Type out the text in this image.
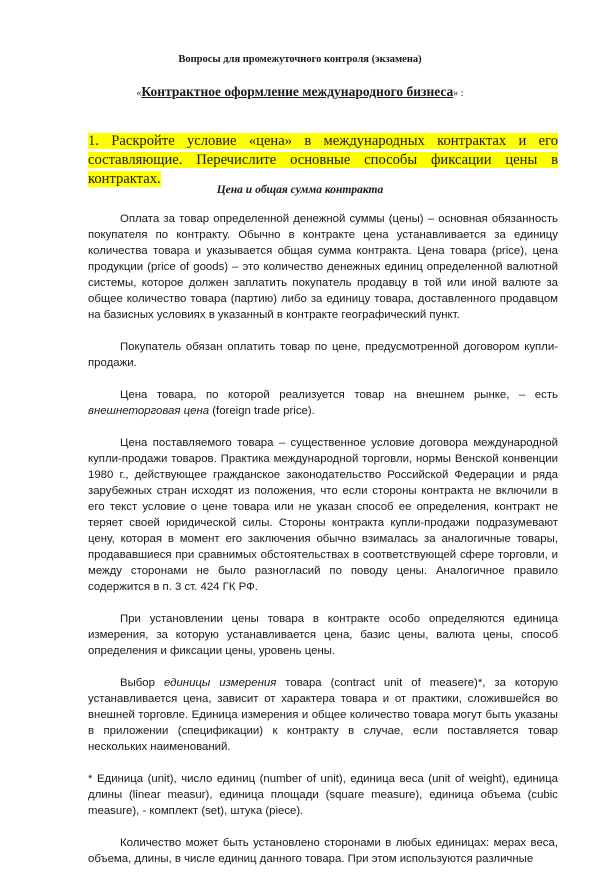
Вопросы для промежуточного контроля (экзамена)
«Контрактное оформление международного бизнеса» :
1. Раскройте условие «цена» в международных контрактах и его составляющие. Перечислите основные способы фиксации цены в контрактах.
Цена и общая сумма контракта

Оплата за товар определенной денежной суммы (цены) – основная обязанность покупателя по контракту. Обычно в контракте цена устанавливается за единицу количества товара и указывается общая сумма контракта. Цена товара (price), цена продукции (price of goods) – это количество денежных единиц определенной валютной системы, которое должен заплатить покупатель продавцу в той или иной валюте за общее количество товара (партию) либо за единицу товара, доставленного продавцом на базисных условиях в указанный в контракте географический пункт.

Покупатель обязан оплатить товар по цене, предусмотренной договором купли-продажи.

Цена товара, по которой реализуется товар на внешнем рынке, – есть внешнеторговая цена (foreign trade price).

Цена поставляемого товара – существенное условие договора международной купли-продажи товаров. Практика международной торговли, нормы Венской конвенции 1980 г., действующее гражданское законодательство Российской Федерации и ряда зарубежных стран исходят из положения, что если стороны контракта не включили в его текст условие о цене товара или не указан способ ее определения, контракт не теряет своей юридической силы. Стороны контракта купли-продажи подразумевают цену, которая в момент его заключения обычно взималась за аналогичные товары, продававшиеся при сравнимых обстоятельствах в соответствующей сфере торговли, и между сторонами не было разногласий по поводу цены. Аналогичное правило содержится в п. 3 ст. 424 ГК РФ.

При установлении цены товара в контракте особо определяются единица измерения, за которую устанавливается цена, базис цены, валюта цены, способ определения и фиксации цены, уровень цены.

Выбор единицы измерения товара (contract unit of measere)*, за которую устанавливается цена, зависит от характера товара и от практики, сложившейся во внешней торговле. Единица измерения и общее количество товара могут быть указаны в приложении (спецификации) к контракту в случае, если поставляется товар нескольких наименований.

* Единица (unit), число единиц (number of unit), единица веса (unit of weight), единица длины (linear measur), единица площади (square measure), единица объема (cubic measure), - комплект (set), штука (piece).

Количество может быть установлено сторонами в любых единицах: мерах веса, объема, длины, в числе единиц данного товара. При этом используются различные
